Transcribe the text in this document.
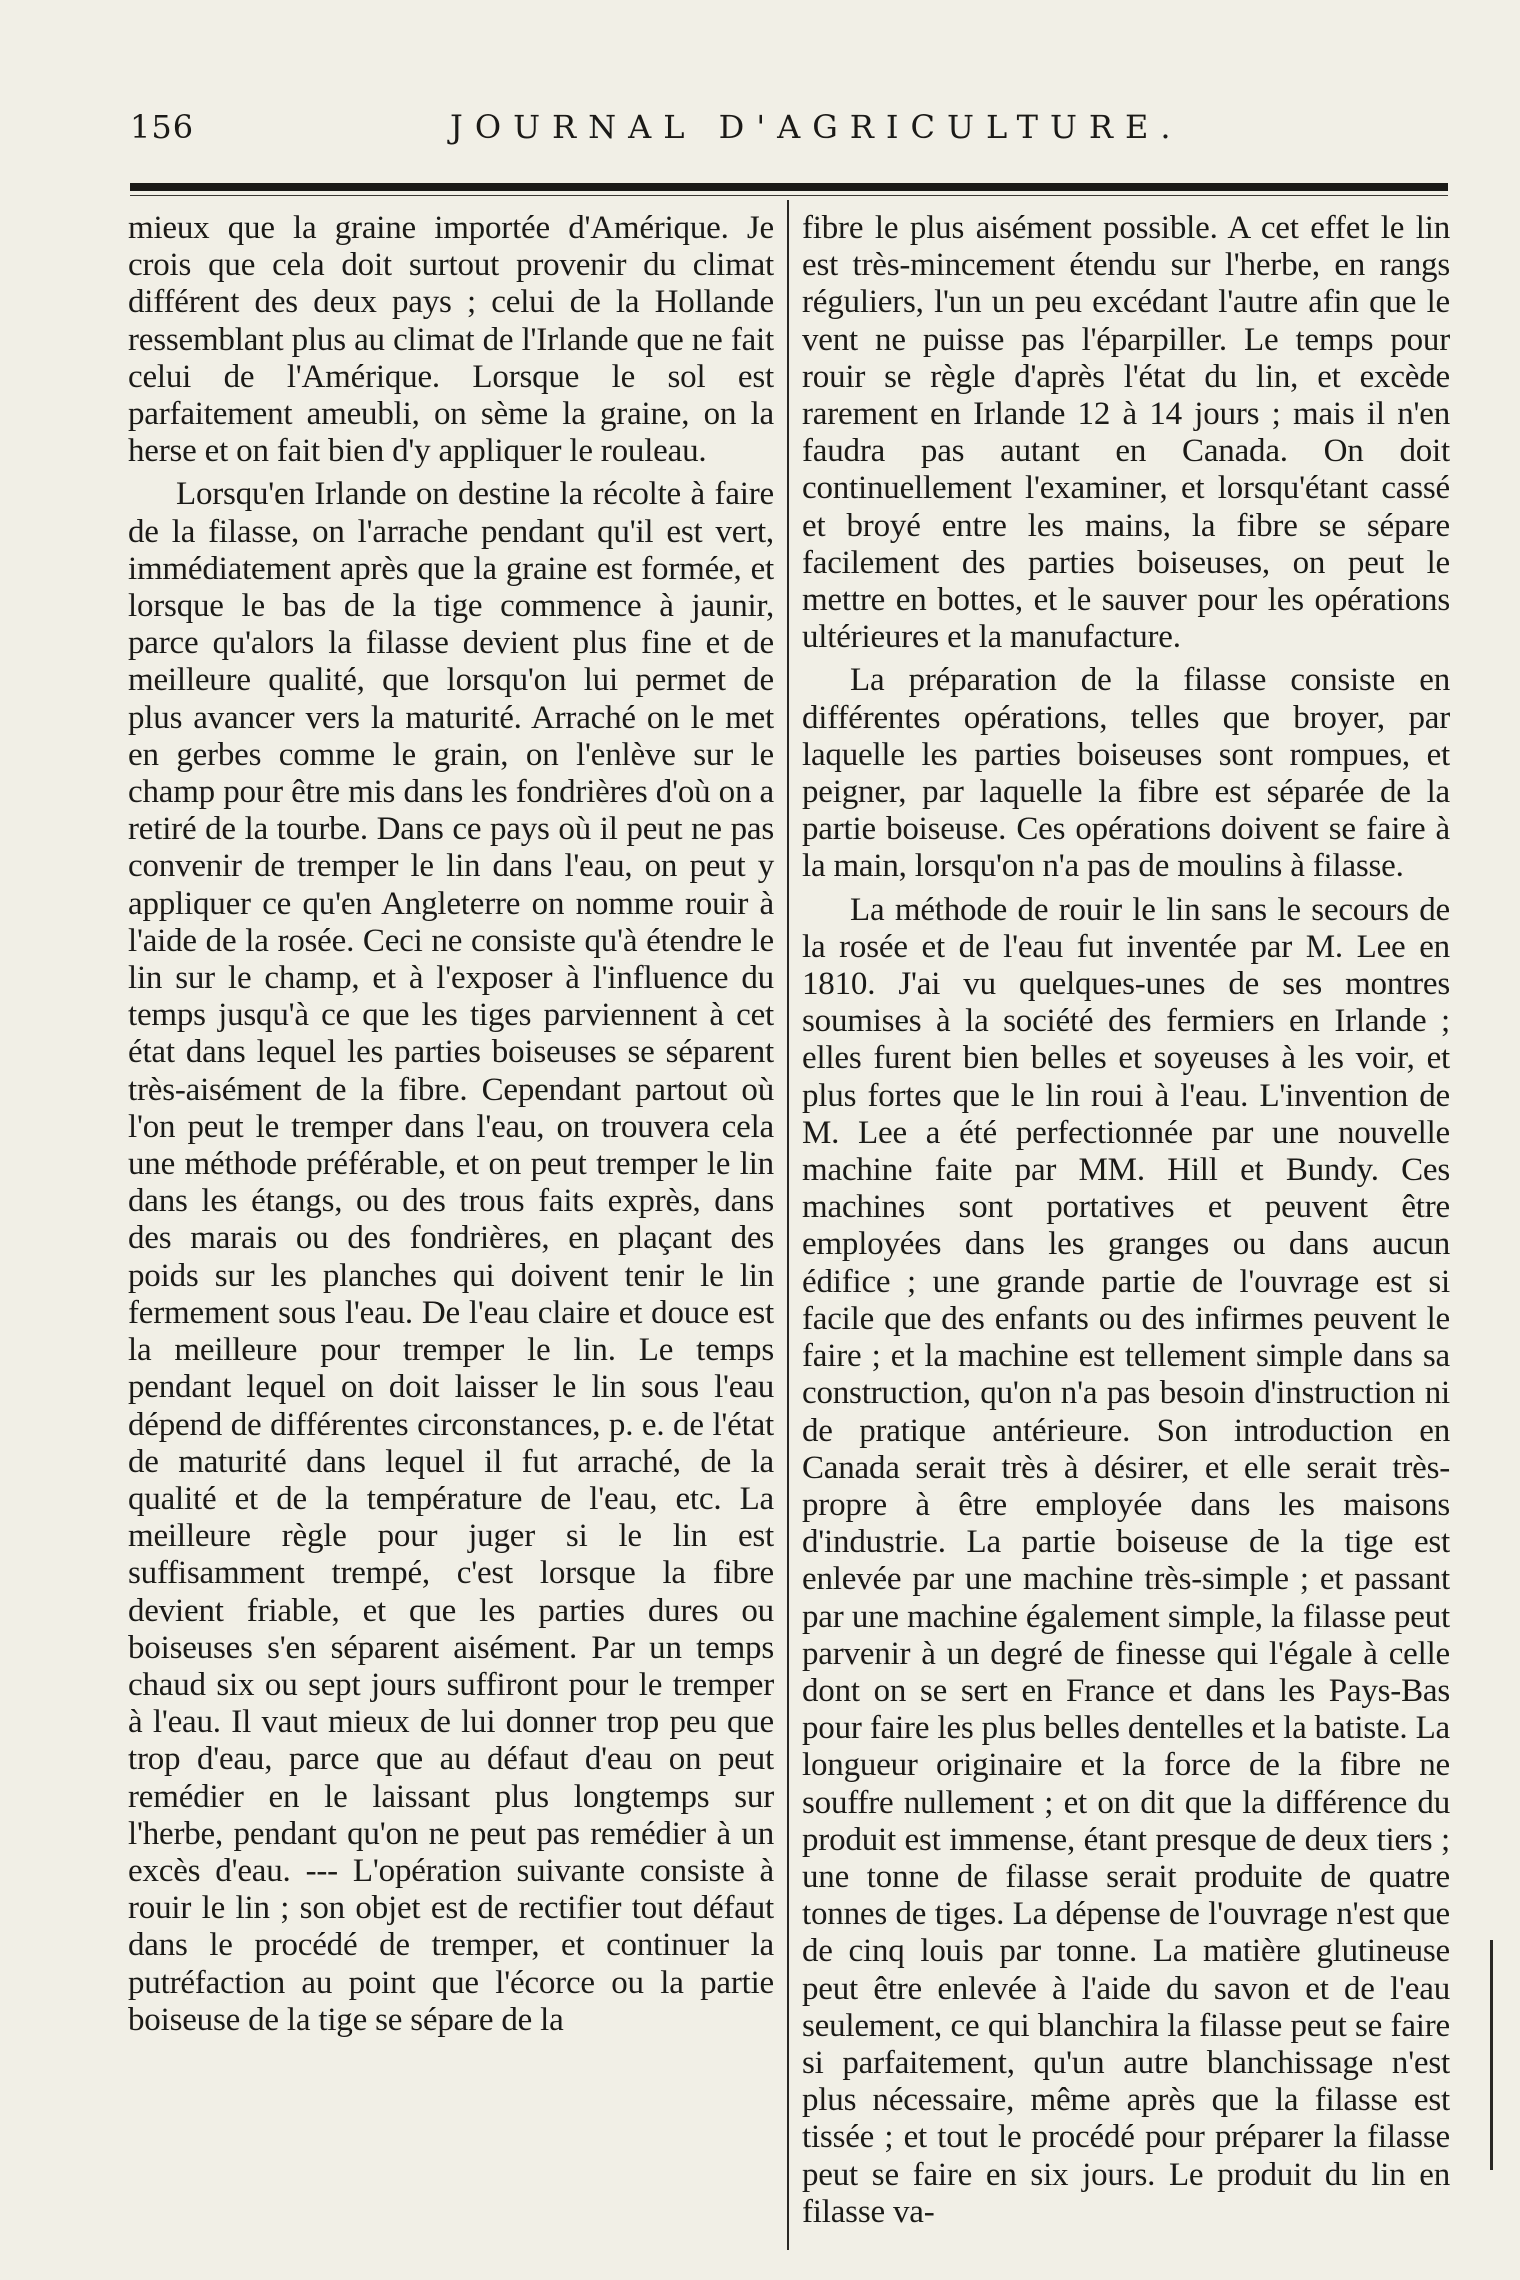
156	JOURNAL D'AGRICULTURE.

mieux que la graine importée d'Amérique. Je crois que cela doit surtout provenir du climat différent des deux pays ; celui de la Hollande ressemblant plus au climat de l'Irlande que ne fait celui de l'Amérique. Lorsque le sol est parfaitement ameubli, on sème la graine, on la herse et on fait bien d'y appliquer le rouleau.

Lorsqu'en Irlande on destine la récolte à faire de la filasse, on l'arrache pendant qu'il est vert, immédiatement après que la graine est formée, et lorsque le bas de la tige commence à jaunir, parce qu'alors la filasse devient plus fine et de meilleure qualité, que lorsqu'on lui permet de plus avancer vers la maturité. Arraché on le met en gerbes comme le grain, on l'enlève sur le champ pour être mis dans les fondrières d'où on a retiré de la tourbe. Dans ce pays où il peut ne pas convenir de tremper le lin dans l'eau, on peut y appliquer ce qu'en Angleterre on nomme rouir à l'aide de la rosée. Ceci ne consiste qu'à étendre le lin sur le champ, et à l'exposer à l'influence du temps jusqu'à ce que les tiges parviennent à cet état dans lequel les parties boiseuses se séparent très-aisément de la fibre. Cependant partout où l'on peut le tremper dans l'eau, on trouvera cela une méthode préférable, et on peut tremper le lin dans les étangs, ou des trous faits exprès, dans des marais ou des fondrières, en plaçant des poids sur les planches qui doivent tenir le lin fermement sous l'eau. De l'eau claire et douce est la meilleure pour tremper le lin. Le temps pendant lequel on doit laisser le lin sous l'eau dépend de différentes circonstances, p. e. de l'état de maturité dans lequel il fut arraché, de la qualité et de la température de l'eau, etc. La meilleure règle pour juger si le lin est suffisamment trempé, c'est lorsque la fibre devient friable, et que les parties dures ou boiseuses s'en séparent aisément. Par un temps chaud six ou sept jours suffiront pour le tremper à l'eau. Il vaut mieux de lui donner trop peu que trop d'eau, parce que au défaut d'eau on peut remédier en le laissant plus longtemps sur l'herbe, pendant qu'on ne peut pas remédier à un excès d'eau. --- L'opération suivante consiste à rouir le lin ; son objet est de rectifier tout défaut dans le procédé de tremper, et continuer la putréfaction au point que l'écorce ou la partie boiseuse de la tige se sépare de la

fibre le plus aisément possible. A cet effet le lin est très-mincement étendu sur l'herbe, en rangs réguliers, l'un un peu excédant l'autre afin que le vent ne puisse pas l'éparpiller. Le temps pour rouir se règle d'après l'état du lin, et excède rarement en Irlande 12 à 14 jours ; mais il n'en faudra pas autant en Canada. On doit continuellement l'examiner, et lorsqu'étant cassé et broyé entre les mains, la fibre se sépare facilement des parties boiseuses, on peut le mettre en bottes, et le sauver pour les opérations ultérieures et la manufacture.

La préparation de la filasse consiste en différentes opérations, telles que broyer, par laquelle les parties boiseuses sont rompues, et peigner, par laquelle la fibre est séparée de la partie boiseuse. Ces opérations doivent se faire à la main, lorsqu'on n'a pas de moulins à filasse.

La méthode de rouir le lin sans le secours de la rosée et de l'eau fut inventée par M. Lee en 1810. J'ai vu quelques-unes de ses montres soumises à la société des fermiers en Irlande ; elles furent bien belles et soyeuses à les voir, et plus fortes que le lin roui à l'eau. L'invention de M. Lee a été perfectionnée par une nouvelle machine faite par MM. Hill et Bundy. Ces machines sont portatives et peuvent être employées dans les granges ou dans aucun édifice ; une grande partie de l'ouvrage est si facile que des enfants ou des infirmes peuvent le faire ; et la machine est tellement simple dans sa construction, qu'on n'a pas besoin d'instruction ni de pratique antérieure. Son introduction en Canada serait très à désirer, et elle serait très-propre à être employée dans les maisons d'industrie. La partie boiseuse de la tige est enlevée par une machine très-simple ; et passant par une machine également simple, la filasse peut parvenir à un degré de finesse qui l'égale à celle dont on se sert en France et dans les Pays-Bas pour faire les plus belles dentelles et la batiste. La longueur originaire et la force de la fibre ne souffre nullement ; et on dit que la différence du produit est immense, étant presque de deux tiers ; une tonne de filasse serait produite de quatre tonnes de tiges. La dépense de l'ouvrage n'est que de cinq louis par tonne. La matière glutineuse peut être enlevée à l'aide du savon et de l'eau seulement, ce qui blanchira la filasse peut se faire si parfaitement, qu'un autre blanchissage n'est plus nécessaire, même après que la filasse est tissée ; et tout le procédé pour préparer la filasse peut se faire en six jours. Le produit du lin en filasse va-
